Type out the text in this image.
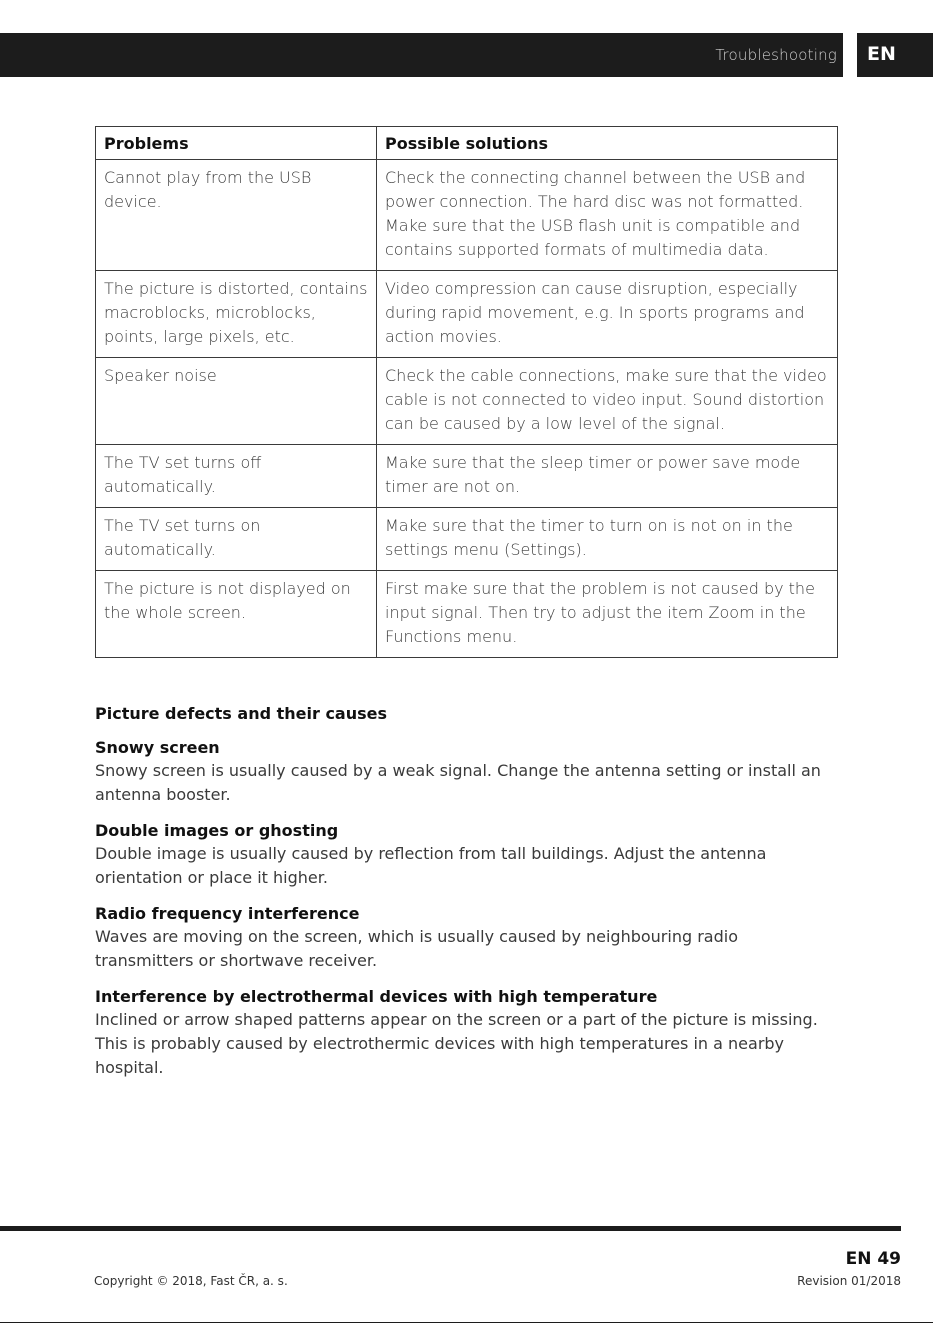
Troubleshooting EN
Problems	Possible solutions
Cannot play from the USB device.	Check the connecting channel between the USB and power connection. The hard disc was not formatted. Make sure that the USB flash unit is compatible and contains supported formats of multimedia data.
The picture is distorted, contains macroblocks, microblocks, points, large pixels, etc.	Video compression can cause disruption, especially during rapid movement, e.g. In sports programs and action movies.
Speaker noise	Check the cable connections, make sure that the video cable is not connected to video input. Sound distortion can be caused by a low level of the signal.
The TV set turns off automatically.	Make sure that the sleep timer or power save mode timer are not on.
The TV set turns on automatically.	Make sure that the timer to turn on is not on in the settings menu (Settings).
The picture is not displayed on the whole screen.	First make sure that the problem is not caused by the input signal. Then try to adjust the item Zoom in the Functions menu.
Picture defects and their causes
Snowy screen

Snowy screen is usually caused by a weak signal. Change the antenna setting or install an antenna booster.

Double images or ghosting

Double image is usually caused by reflection from tall buildings. Adjust the antenna orientation or place it higher.

Radio frequency interference

Waves are moving on the screen, which is usually caused by neighbouring radio transmitters or shortwave receiver.

Interference by electrothermal devices with high temperature

Inclined or arrow shaped patterns appear on the screen or a part of the picture is missing. This is probably caused by electrothermic devices with high temperatures in a nearby hospital.

EN 49
Copyright © 2018, Fast ČR, a. s.	Revision 01/2018
